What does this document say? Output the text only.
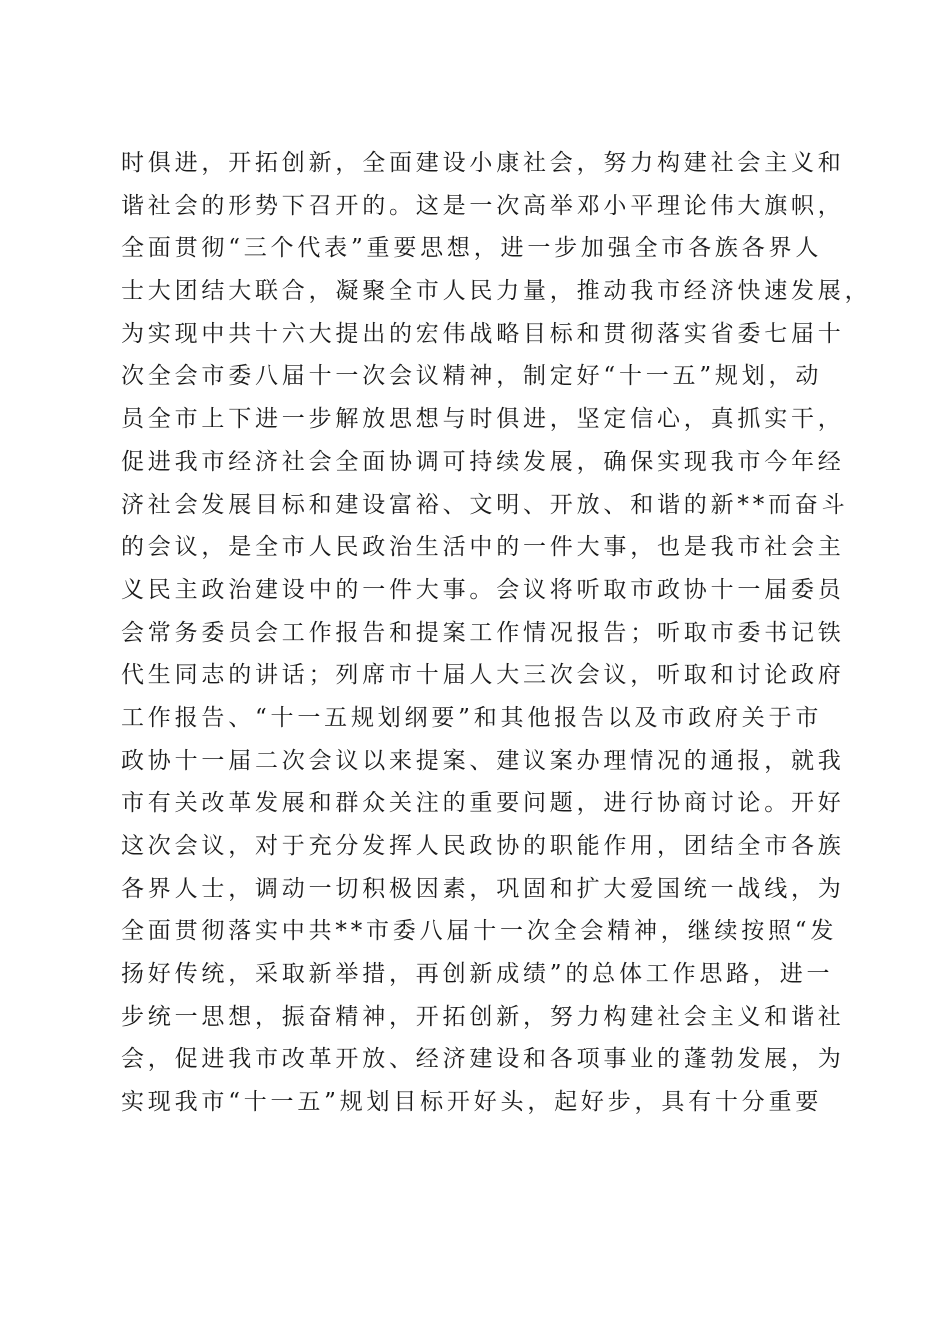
时俱进，开拓创新，全面建设小康社会，努力构建社会主义和
谐社会的形势下召开的。这是一次高举邓小平理论伟大旗帜，
全面贯彻“三个代表”重要思想，进一步加强全市各族各界人
士大团结大联合，凝聚全市人民力量，推动我市经济快速发展，
为实现中共十六大提出的宏伟战略目标和贯彻落实省委七届十
次全会市委八届十一次会议精神，制定好“十一五”规划，动
员全市上下进一步解放思想与时俱进，坚定信心，真抓实干，
促进我市经济社会全面协调可持续发展，确保实现我市今年经
济社会发展目标和建设富裕、文明、开放、和谐的新**而奋斗
的会议，是全市人民政治生活中的一件大事，也是我市社会主
义民主政治建设中的一件大事。会议将听取市政协十一届委员
会常务委员会工作报告和提案工作情况报告；听取市委书记铁
代生同志的讲话；列席市十届人大三次会议，听取和讨论政府
工作报告、“十一五规划纲要”和其他报告以及市政府关于市
政协十一届二次会议以来提案、建议案办理情况的通报，就我
市有关改革发展和群众关注的重要问题，进行协商讨论。开好
这次会议，对于充分发挥人民政协的职能作用，团结全市各族
各界人士，调动一切积极因素，巩固和扩大爱国统一战线，为
全面贯彻落实中共**市委八届十一次全会精神，继续按照“发
扬好传统，采取新举措，再创新成绩”的总体工作思路，进一
步统一思想，振奋精神，开拓创新，努力构建社会主义和谐社
会，促进我市改革开放、经济建设和各项事业的蓬勃发展，为
实现我市“十一五”规划目标开好头，起好步，具有十分重要
